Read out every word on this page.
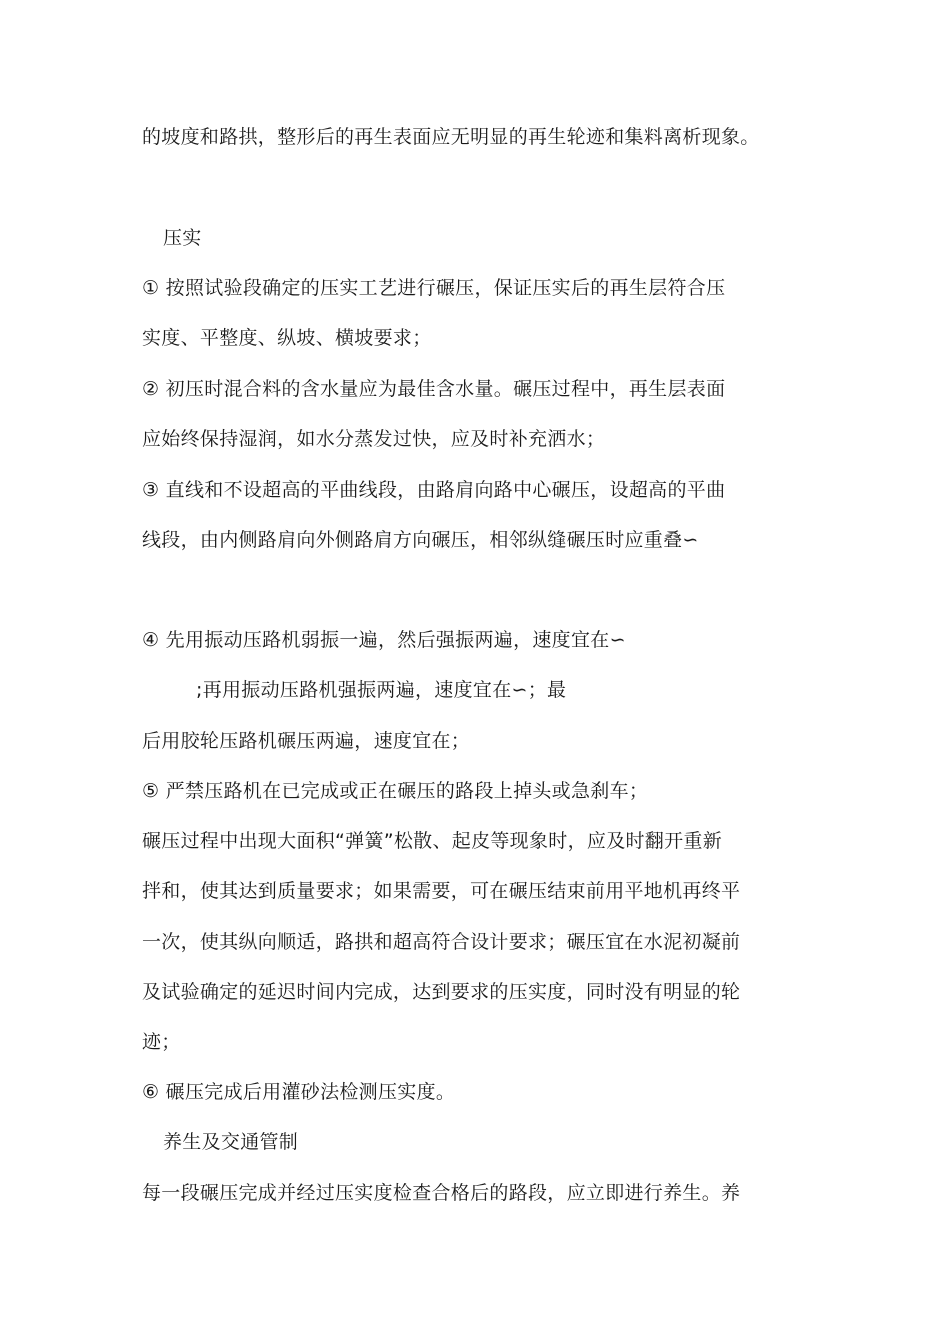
的坡度和路拱，整形后的再生表面应无明显的再生轮迹和集料离析现象。
压实
① 按照试验段确定的压实工艺进行碾压，保证压实后的再生层符合压
实度、平整度、纵坡、横坡要求；
② 初压时混合料的含水量应为最佳含水量。碾压过程中，再生层表面
应始终保持湿润，如水分蒸发过快，应及时补充洒水；
③ 直线和不设超高的平曲线段，由路肩向路中心碾压，设超高的平曲
线段，由内侧路肩向外侧路肩方向碾压，相邻纵缝碾压时应重叠∽
④ 先用振动压路机弱振一遍，然后强振两遍，速度宜在∽
;再用振动压路机强振两遍，速度宜在∽；最
后用胶轮压路机碾压两遍，速度宜在；
⑤ 严禁压路机在已完成或正在碾压的路段上掉头或急刹车；
碾压过程中出现大面积“弹簧”松散、起皮等现象时，应及时翻开重新
拌和，使其达到质量要求；如果需要，可在碾压结束前用平地机再终平
一次，使其纵向顺适，路拱和超高符合设计要求；碾压宜在水泥初凝前
及试验确定的延迟时间内完成，达到要求的压实度，同时没有明显的轮
迹；
⑥ 碾压完成后用灌砂法检测压实度。
养生及交通管制
每一段碾压完成并经过压实度检查合格后的路段，应立即进行养生。养
